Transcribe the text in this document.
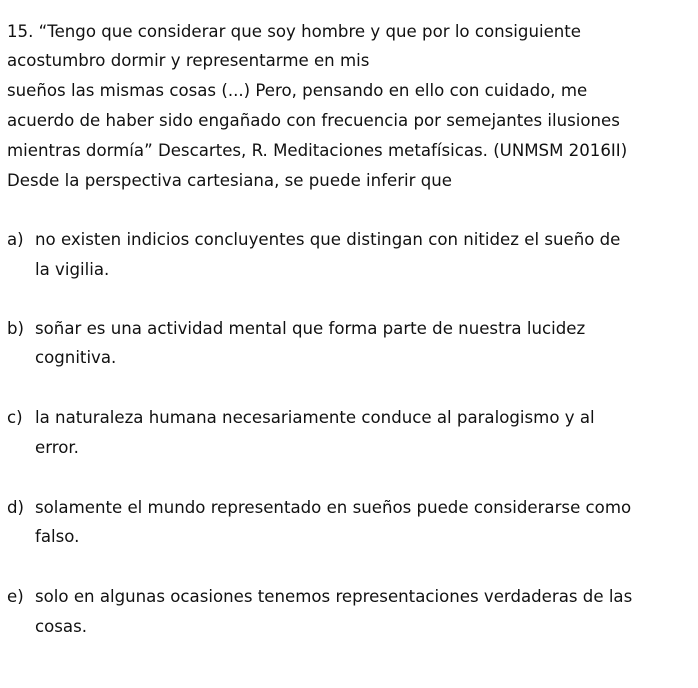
15. “Tengo que considerar que soy hombre y que por lo consiguiente
acostumbro dormir y representarme en mis
sueños las mismas cosas (...) Pero, pensando en ello con cuidado, me
acuerdo de haber sido engañado con frecuencia por semejantes ilusiones
mientras dormía” Descartes, R. Meditaciones metafísicas. (UNMSM 2016II)
Desde la perspectiva cartesiana, se puede inferir que
a) no existen indicios concluyentes que distingan con nitidez el sueño de
la vigilia.
b) soñar es una actividad mental que forma parte de nuestra lucidez
cognitiva.
c) la naturaleza humana necesariamente conduce al paralogismo y al
error.
d) solamente el mundo representado en sueños puede considerarse como
falso.
e) solo en algunas ocasiones tenemos representaciones verdaderas de las
cosas.
